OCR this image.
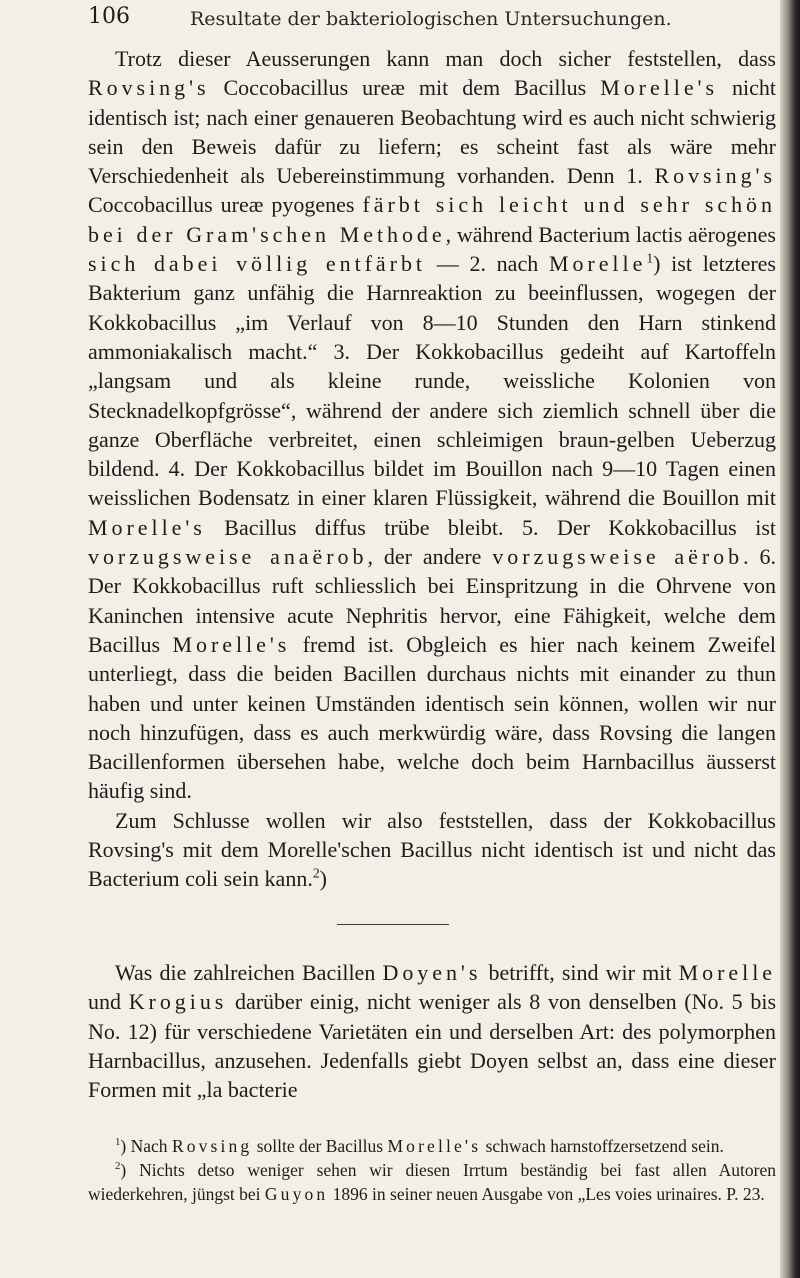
106	Resultate der bakteriologischen Untersuchungen.

Trotz dieser Aeusserungen kann man doch sicher feststellen, dass Rovsing's Coccobacillus ureæ mit dem Bacillus Morelle's nicht identisch ist; nach einer genaueren Beobachtung wird es auch nicht schwierig sein den Beweis dafür zu liefern; es scheint fast als wäre mehr Verschiedenheit als Uebereinstimmung vorhanden. Denn 1. Rovsing's Coccobacillus ureæ pyogenes färbt sich leicht und sehr schön bei der Gram'schen Methode, während Bacterium lactis aërogenes sich dabei völlig entfärbt — 2. nach Morelle$^1$) ist letzteres Bakterium ganz unfähig die Harnreaktion zu beeinflussen, wogegen der Kokkobacillus „im Verlauf von 8—10 Stunden den Harn stinkend ammoniakalisch macht.“ 3. Der Kokkobacillus gedeiht auf Kartoffeln „langsam und als kleine runde, weissliche Kolonien von Stecknadelkopfgrösse“, während der andere sich ziemlich schnell über die ganze Oberfläche verbreitet, einen schleimigen braun-gelben Ueberzug bildend. 4. Der Kokkobacillus bildet im Bouillon nach 9—10 Tagen einen weisslichen Bodensatz in einer klaren Flüssigkeit, während die Bouillon mit Morelle's Bacillus diffus trübe bleibt. 5. Der Kokkobacillus ist vorzugsweise anaërob, der andere vorzugsweise aërob. 6. Der Kokkobacillus ruft schliesslich bei Einspritzung in die Ohrvene von Kaninchen intensive acute Nephritis hervor, eine Fähigkeit, welche dem Bacillus Morelle's fremd ist. Obgleich es hier nach keinem Zweifel unterliegt, dass die beiden Bacillen durchaus nichts mit einander zu thun haben und unter keinen Umständen identisch sein können, wollen wir nur noch hinzufügen, dass es auch merkwürdig wäre, dass Rovsing die langen Bacillenformen übersehen habe, welche doch beim Harnbacillus äusserst häufig sind.

Zum Schlusse wollen wir also feststellen, dass der Kokkobacillus Rovsing's mit dem Morelle'schen Bacillus nicht identisch ist und nicht das Bacterium coli sein kann.$^2$)

Was die zahlreichen Bacillen Doyen's betrifft, sind wir mit Morelle und Krogius darüber einig, nicht weniger als 8 von denselben (No. 5 bis No. 12) für verschiedene Varietäten ein und derselben Art: des polymorphen Harnbacillus, anzusehen. Jedenfalls giebt Doyen selbst an, dass eine dieser Formen mit „la bacterie

$^1$) Nach Rovsing sollte der Bacillus Morelle's schwach harnstoffzersetzend sein.

$^2$) Nichts detso weniger sehen wir diesen Irrtum beständig bei fast allen Autoren wiederkehren, jüngst bei Guyon 1896 in seiner neuen Ausgabe von „Les voies urinaires. P. 23.
